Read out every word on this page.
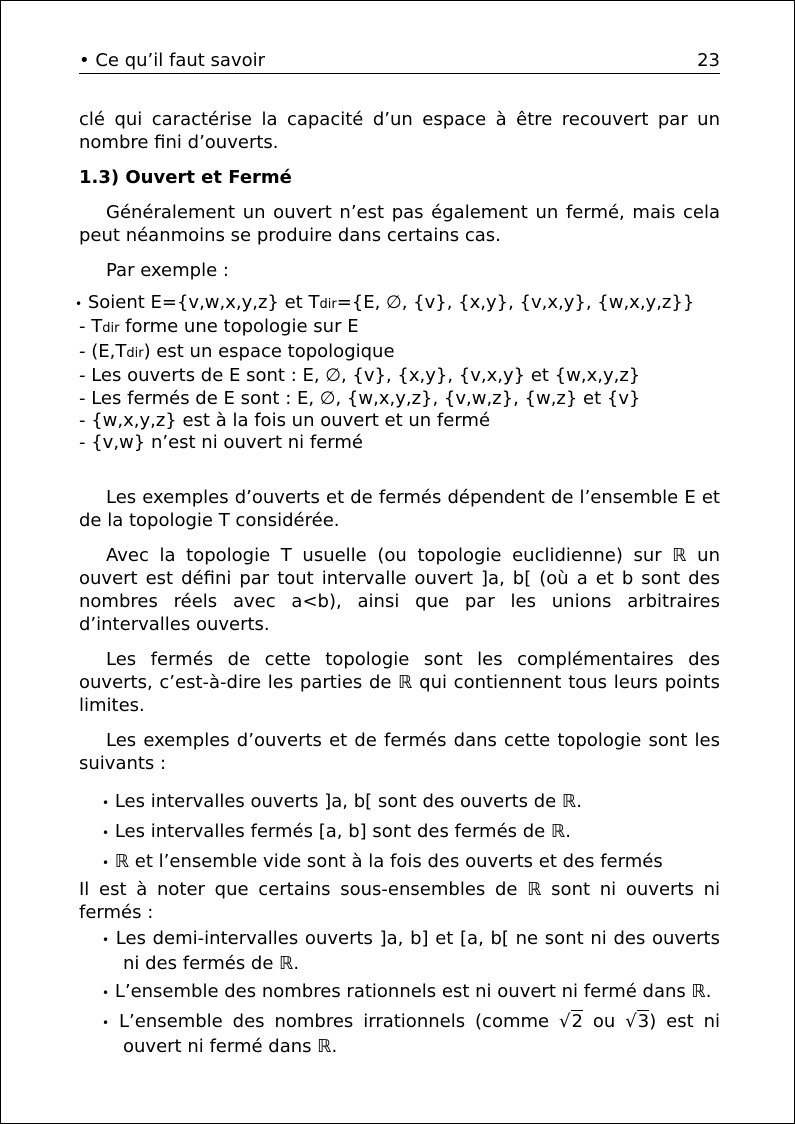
• Ce qu’il faut savoir	23

clé qui caractérise la capacité d’un espace à être recouvert par un nombre fini d’ouverts.

1.3) Ouvert et Fermé

Généralement un ouvert n’est pas également un fermé, mais cela peut néanmoins se produire dans certains cas.

Par exemple :

• Soient E={v,w,x,y,z} et Tdir={E, ∅, {v}, {x,y}, {v,x,y}, {w,x,y,z}}
- Tdir forme une topologie sur E
- (E,Tdir) est un espace topologique
- Les ouverts de E sont : E, ∅, {v}, {x,y}, {v,x,y} et {w,x,y,z}
- Les fermés de E sont : E, ∅, {w,x,y,z}, {v,w,z}, {w,z} et {v}
- {w,x,y,z} est à la fois un ouvert et un fermé
- {v,w} n’est ni ouvert ni fermé

Les exemples d’ouverts et de fermés dépendent de l’ensemble E et de la topologie T considérée.

Avec la topologie T usuelle (ou topologie euclidienne) sur ℝ un ouvert est défini par tout intervalle ouvert ]a, b[ (où a et b sont des nombres réels avec a<b), ainsi que par les unions arbitraires d’intervalles ouverts.

Les fermés de cette topologie sont les complémentaires des ouverts, c’est-à-dire les parties de ℝ qui contiennent tous leurs points limites.

Les exemples d’ouverts et de fermés dans cette topologie sont les suivants :

• Les intervalles ouverts ]a, b[ sont des ouverts de ℝ.
• Les intervalles fermés [a, b] sont des fermés de ℝ.
• ℝ et l’ensemble vide sont à la fois des ouverts et des fermés

Il est à noter que certains sous-ensembles de ℝ sont ni ouverts ni fermés :

• Les demi-intervalles ouverts ]a, b] et [a, b[ ne sont ni des ouverts ni des fermés de ℝ.
• L’ensemble des nombres rationnels est ni ouvert ni fermé dans ℝ.
• L’ensemble des nombres irrationnels (comme √2 ou √3) est ni ouvert ni fermé dans ℝ.
